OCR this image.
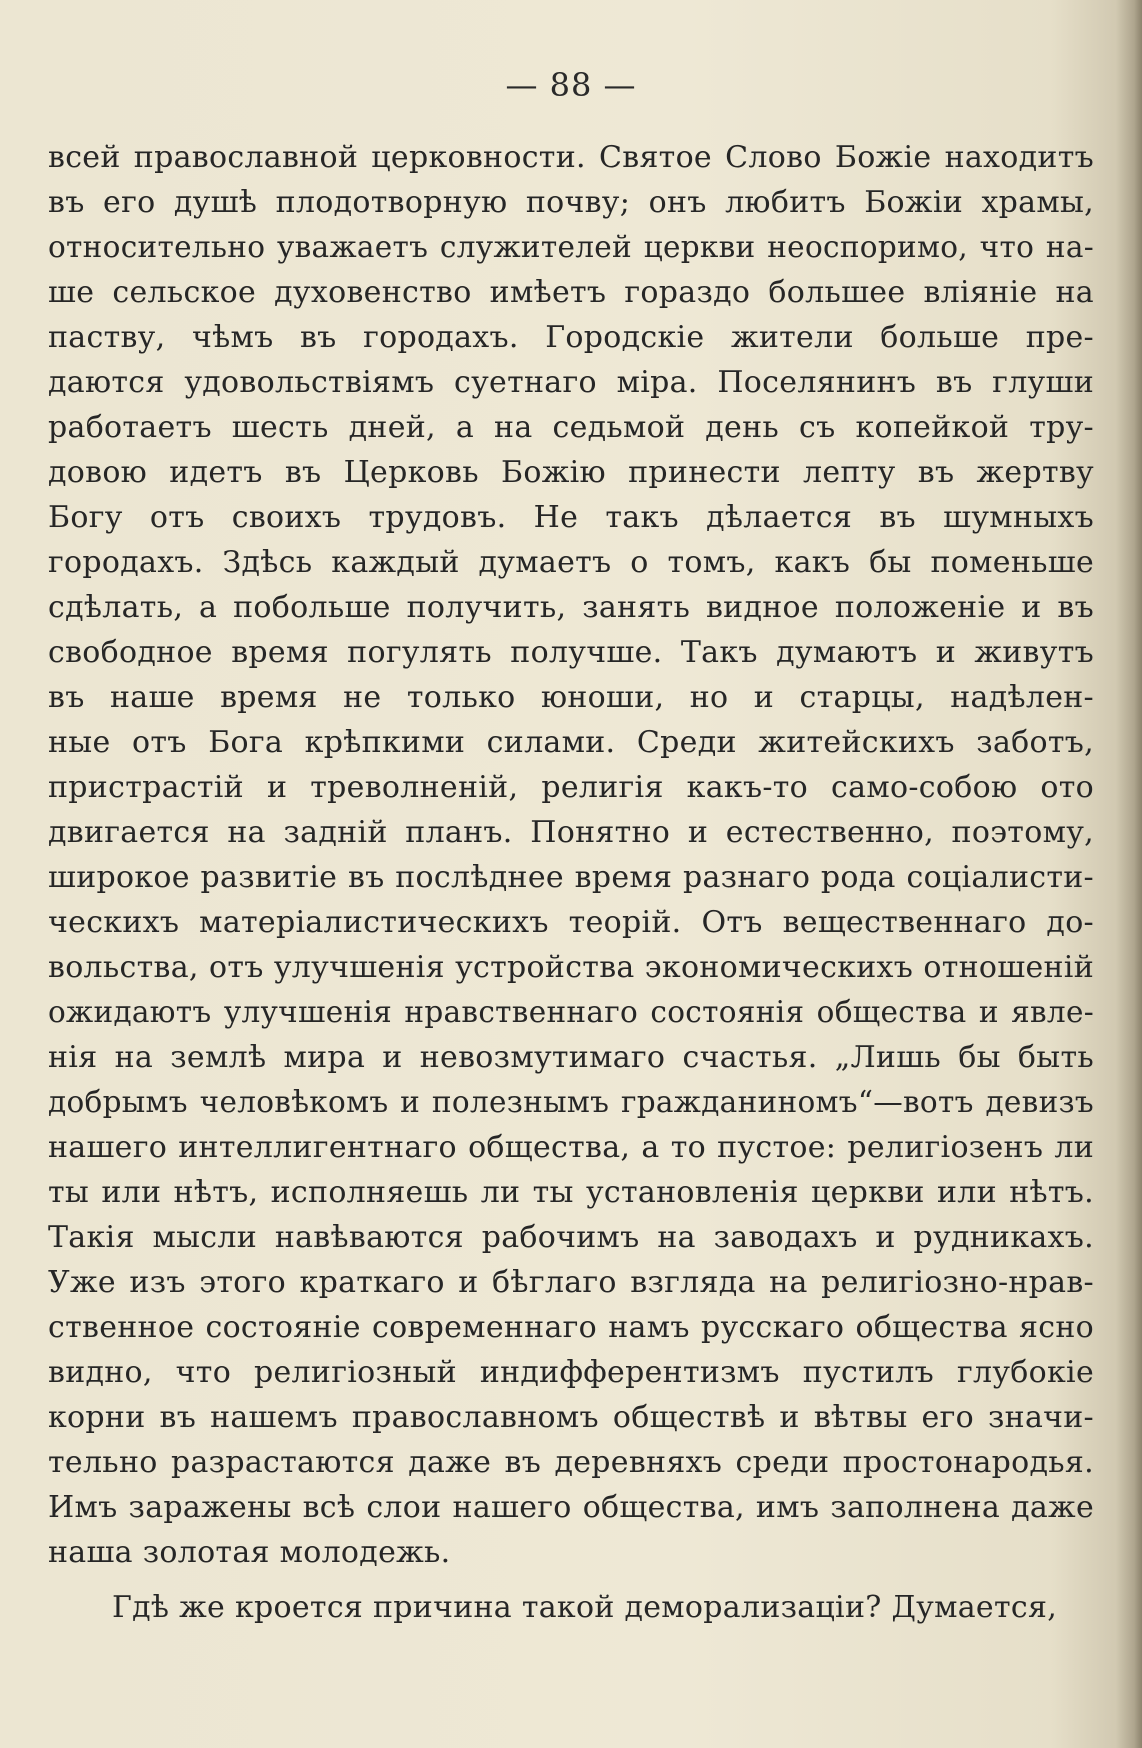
— 88 —
всей православной церковности. Святое Слово Божіе находитъ
въ его душѣ плодотворную почву; онъ любитъ Божіи храмы,
относительно уважаетъ служителей церкви неоспоримо, что на-
ше сельское духовенство имѣетъ гораздо большее вліяніе на
паству, чѣмъ въ городахъ. Городскіе жители больше пре-
даются удовольствіямъ суетнаго міра. Поселянинъ въ глуши
работаетъ шесть дней, а на седьмой день съ копейкой тру-
довою идетъ въ Церковь Божію принести лепту въ жертву
Богу отъ своихъ трудовъ. Не такъ дѣлается въ шумныхъ
городахъ. Здѣсь каждый думаетъ о томъ, какъ бы поменьше
сдѣлать, а побольше получить, занять видное положеніе и въ
свободное время погулять получше. Такъ думаютъ и живутъ
въ наше время не только юноши, но и старцы, надѣлен-
ные отъ Бога крѣпкими силами. Среди житейскихъ заботъ,
пристрастій и треволненій, религія какъ-то само-собою ото
двигается на задній планъ. Понятно и естественно, поэтому,
широкое развитіе въ послѣднее время разнаго рода соціалисти-
ческихъ матеріалистическихъ теорій. Отъ вещественнаго до-
вольства, отъ улучшенія устройства экономическихъ отношеній
ожидаютъ улучшенія нравственнаго состоянія общества и явле-
нія на землѣ мира и невозмутимаго счастья. „Лишь бы быть
добрымъ человѣкомъ и полезнымъ гражданиномъ“—вотъ девизъ
нашего интеллигентнаго общества, а то пустое: религіозенъ ли
ты или нѣтъ, исполняешь ли ты установленія церкви или нѣтъ.
Такія мысли навѣваются рабочимъ на заводахъ и рудникахъ.
Уже изъ этого краткаго и бѣглаго взгляда на религіозно-нрав-
ственное состояніе современнаго намъ русскаго общества ясно
видно, что религіозный индифферентизмъ пустилъ глубокіе
корни въ нашемъ православномъ обществѣ и вѣтвы его значи-
тельно разрастаются даже въ деревняхъ среди простонародья.
Имъ заражены всѣ слои нашего общества, имъ заполнена даже
наша золотая молодежь.
Гдѣ же кроется причина такой деморализаціи? Думается,
